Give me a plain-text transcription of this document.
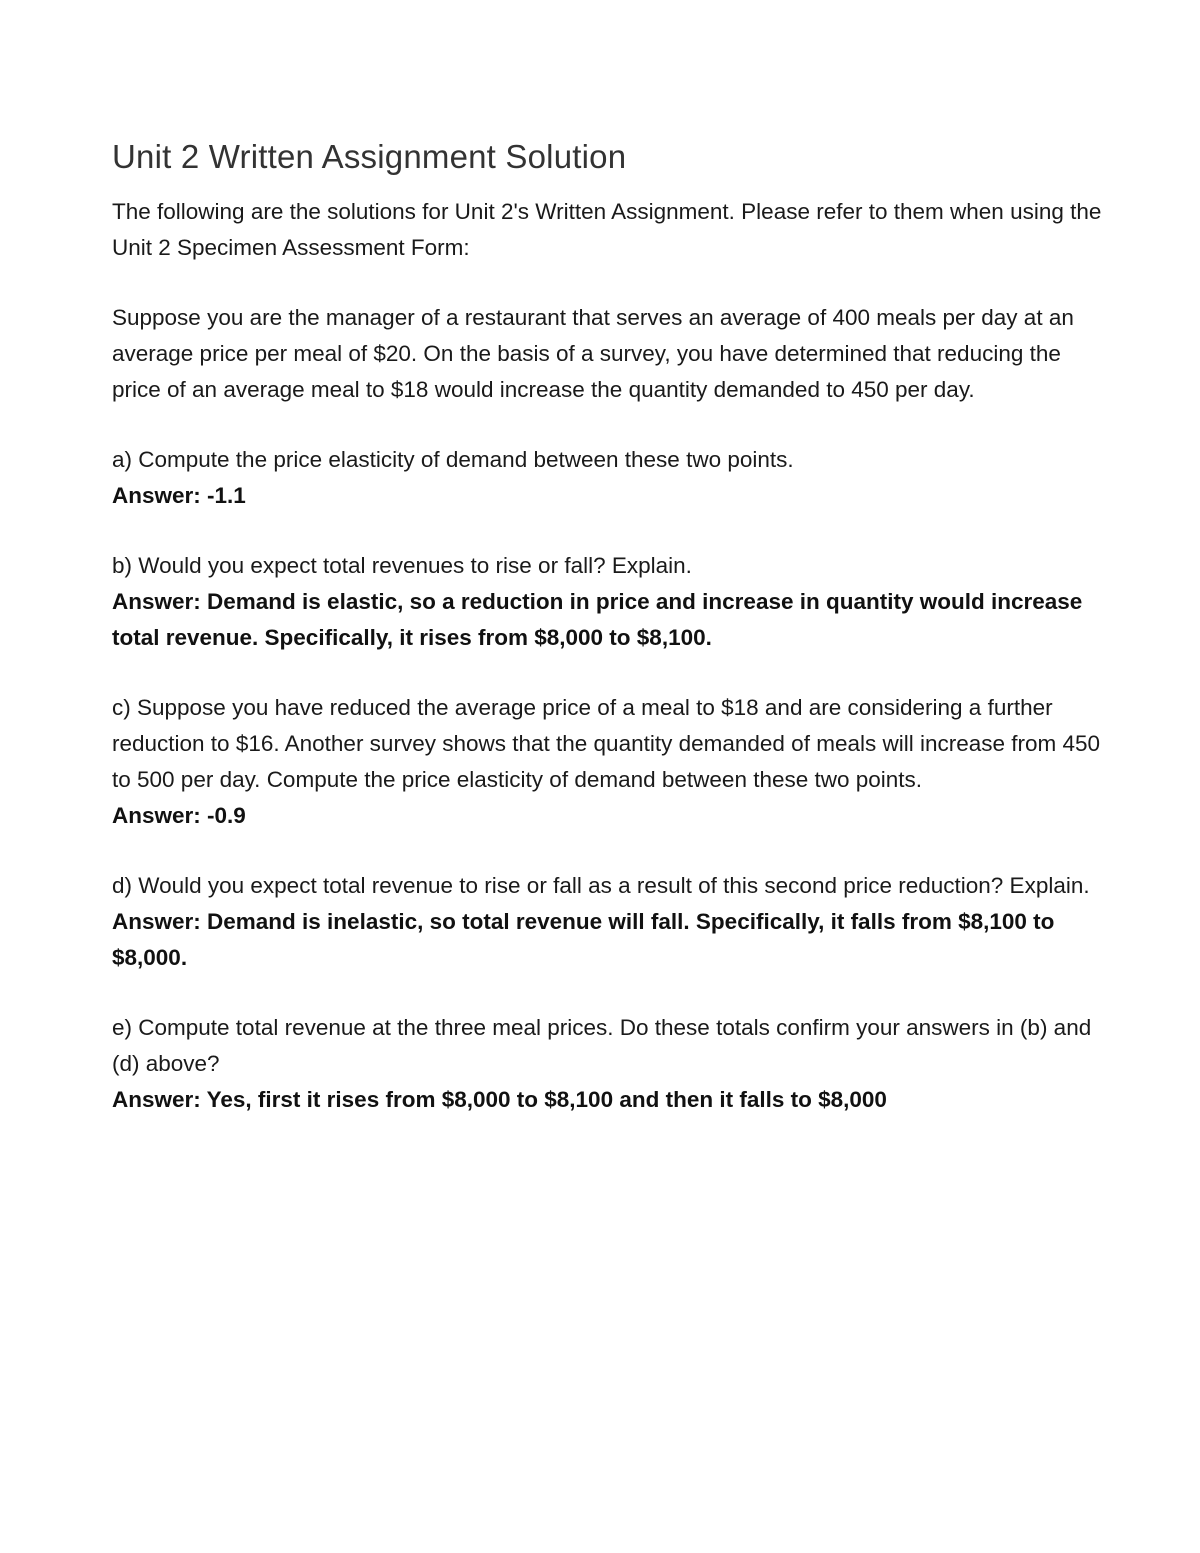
Unit 2 Written Assignment Solution

The following are the solutions for Unit 2's Written Assignment. Please refer to them when using the Unit 2 Specimen Assessment Form:

Suppose you are the manager of a restaurant that serves an average of 400 meals per day at an average price per meal of $20. On the basis of a survey, you have determined that reducing the price of an average meal to $18 would increase the quantity demanded to 450 per day.

a) Compute the price elasticity of demand between these two points.

Answer: -1.1

b) Would you expect total revenues to rise or fall? Explain.

Answer: Demand is elastic, so a reduction in price and increase in quantity would increase total revenue. Specifically, it rises from $8,000 to $8,100.

c) Suppose you have reduced the average price of a meal to $18 and are considering a further reduction to $16. Another survey shows that the quantity demanded of meals will increase from 450 to 500 per day. Compute the price elasticity of demand between these two points.

Answer: -0.9

d) Would you expect total revenue to rise or fall as a result of this second price reduction? Explain.

Answer: Demand is inelastic, so total revenue will fall. Specifically, it falls from $8,100 to $8,000.

e) Compute total revenue at the three meal prices. Do these totals confirm your answers in (b) and (d) above?

Answer: Yes, first it rises from $8,000 to $8,100 and then it falls to $8,000
